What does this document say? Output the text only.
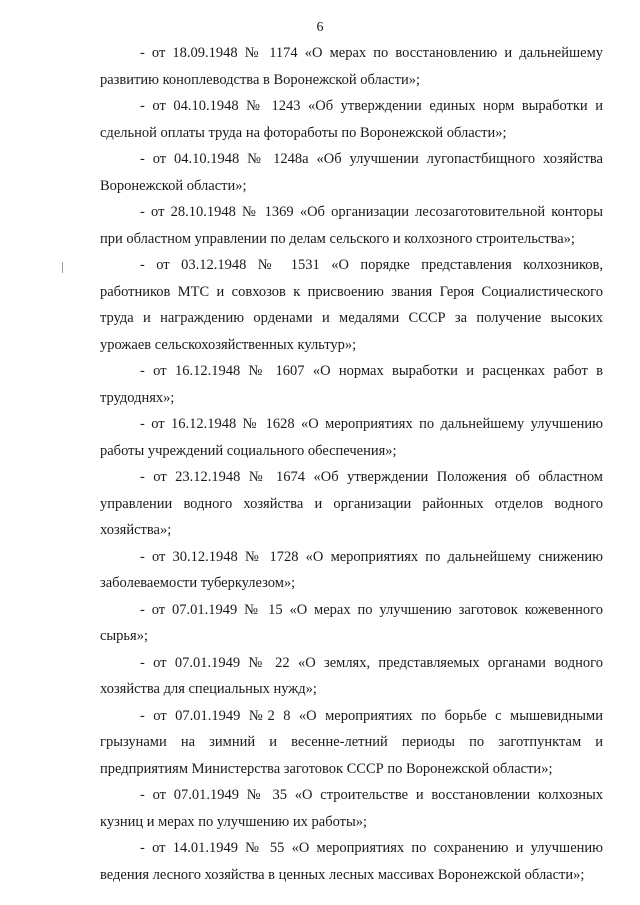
6
- от 18.09.1948 № 1174 «О мерах по восстановлению и дальнейшему развитию коноплеводства в Воронежской области»;
- от 04.10.1948 № 1243 «Об утверждении единых норм выработки и сдельной оплаты труда на фоторaботы по Воронежской области»;
- от 04.10.1948 № 1248а «Об улучшении лугопастбищного хозяйства Воронежской области»;
- от 28.10.1948 № 1369 «Об организации лесозаготовительной конторы при областном управлении по делам сельского и колхозного строительства»;
- от 03.12.1948 № 1531 «О порядке представления колхозников, работников МТС и совхозов к присвоению звания Героя Социалистического труда и награждению орденами и медалями СССР за получение высоких урожаев сельскохозяйственных культур»;
- от 16.12.1948 № 1607 «О нормах выработки и расценках работ в трудоднях»;
- от 16.12.1948 № 1628 «О мероприятиях по дальнейшему улучшению работы учреждений социального обеспечения»;
- от 23.12.1948 № 1674 «Об утверждении Положения об областном управлении водного хозяйства и организации районных отделов водного хозяйства»;
- от 30.12.1948 № 1728 «О мероприятиях по дальнейшему снижению заболеваемости туберкулезом»;
- от 07.01.1949 № 15 «О мерах по улучшению заготовок кожевенного сырья»;
- от 07.01.1949 № 22 «О землях, представляемых органами водного хозяйства для специальных нужд»;
- от 07.01.1949 №2 8 «О мероприятиях по борьбе с мышевидными грызунами на зимний и весенне-летний периоды по заготпунктам и предприятиям Министерства заготовок СССР по Воронежской области»;
- от 07.01.1949 № 35 «О строительстве и восстановлении колхозных кузниц и мерах по улучшению их работы»;
- от 14.01.1949 № 55 «О мероприятиях по сохранению и улучшению ведения лесного хозяйства в ценных лесных массивах Воронежской области»;
